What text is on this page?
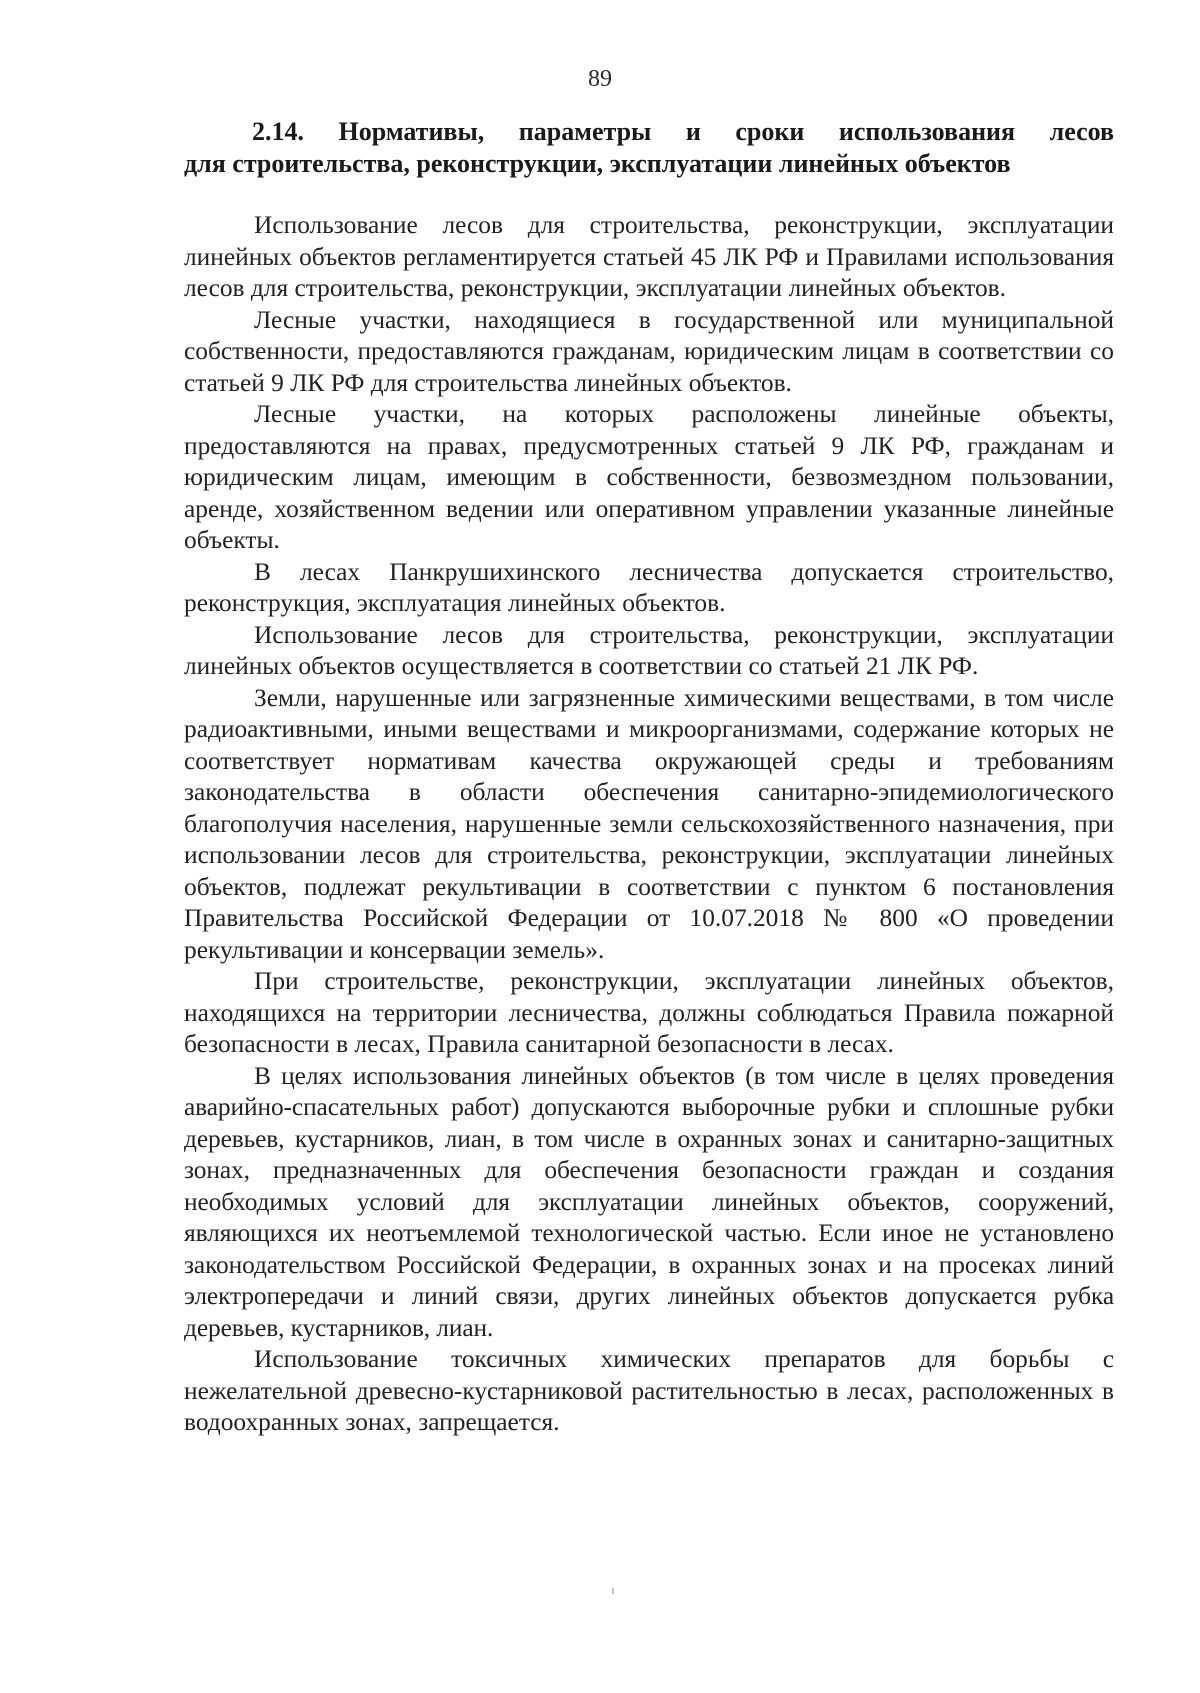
89
2.14. Нормативы, параметры и сроки использования лесов
для строительства, реконструкции, эксплуатации линейных объектов

Использование лесов для строительства, реконструкции, эксплуатации линейных объектов регламентируется статьей 45 ЛК РФ и Правилами использования лесов для строительства, реконструкции, эксплуатации линейных объектов.

Лесные участки, находящиеся в государственной или муниципальной собственности, предоставляются гражданам, юридическим лицам в соответствии со статьей 9 ЛК РФ для строительства линейных объектов.

Лесные участки, на которых расположены линейные объекты, предоставляются на правах, предусмотренных статьей 9 ЛК РФ, гражданам и юридическим лицам, имеющим в собственности, безвозмездном пользовании, аренде, хозяйственном ведении или оперативном управлении указанные линейные объекты.

В лесах Панкрушихинского лесничества допускается строительство, реконструкция, эксплуатация линейных объектов.

Использование лесов для строительства, реконструкции, эксплуатации линейных объектов осуществляется в соответствии со статьей 21 ЛК РФ.

Земли, нарушенные или загрязненные химическими веществами, в том числе радиоактивными, иными веществами и микроорганизмами, содержание которых не соответствует нормативам качества окружающей среды и требованиям законодательства в области обеспечения санитарно-эпидемиологического благополучия населения, нарушенные земли сельскохозяйственного назначения, при использовании лесов для строительства, реконструкции, эксплуатации линейных объектов, подлежат рекультивации в соответствии с пунктом 6 постановления Правительства Российской Федерации от 10.07.2018 № 800 «О проведении рекультивации и консервации земель».

При строительстве, реконструкции, эксплуатации линейных объектов, находящихся на территории лесничества, должны соблюдаться Правила пожарной безопасности в лесах, Правила санитарной безопасности в лесах.

В целях использования линейных объектов (в том числе в целях проведения аварийно-спасательных работ) допускаются выборочные рубки и сплошные рубки деревьев, кустарников, лиан, в том числе в охранных зонах и санитарно-защитных зонах, предназначенных для обеспечения безопасности граждан и создания необходимых условий для эксплуатации линейных объектов, сооружений, являющихся их неотъемлемой технологической частью. Если иное не установлено законодательством Российской Федерации, в охранных зонах и на просеках линий электропередачи и линий связи, других линейных объектов допускается рубка деревьев, кустарников, лиан.

Использование токсичных химических препаратов для борьбы с нежелательной древесно-кустарниковой растительностью в лесах, расположенных в водоохранных зонах, запрещается.
